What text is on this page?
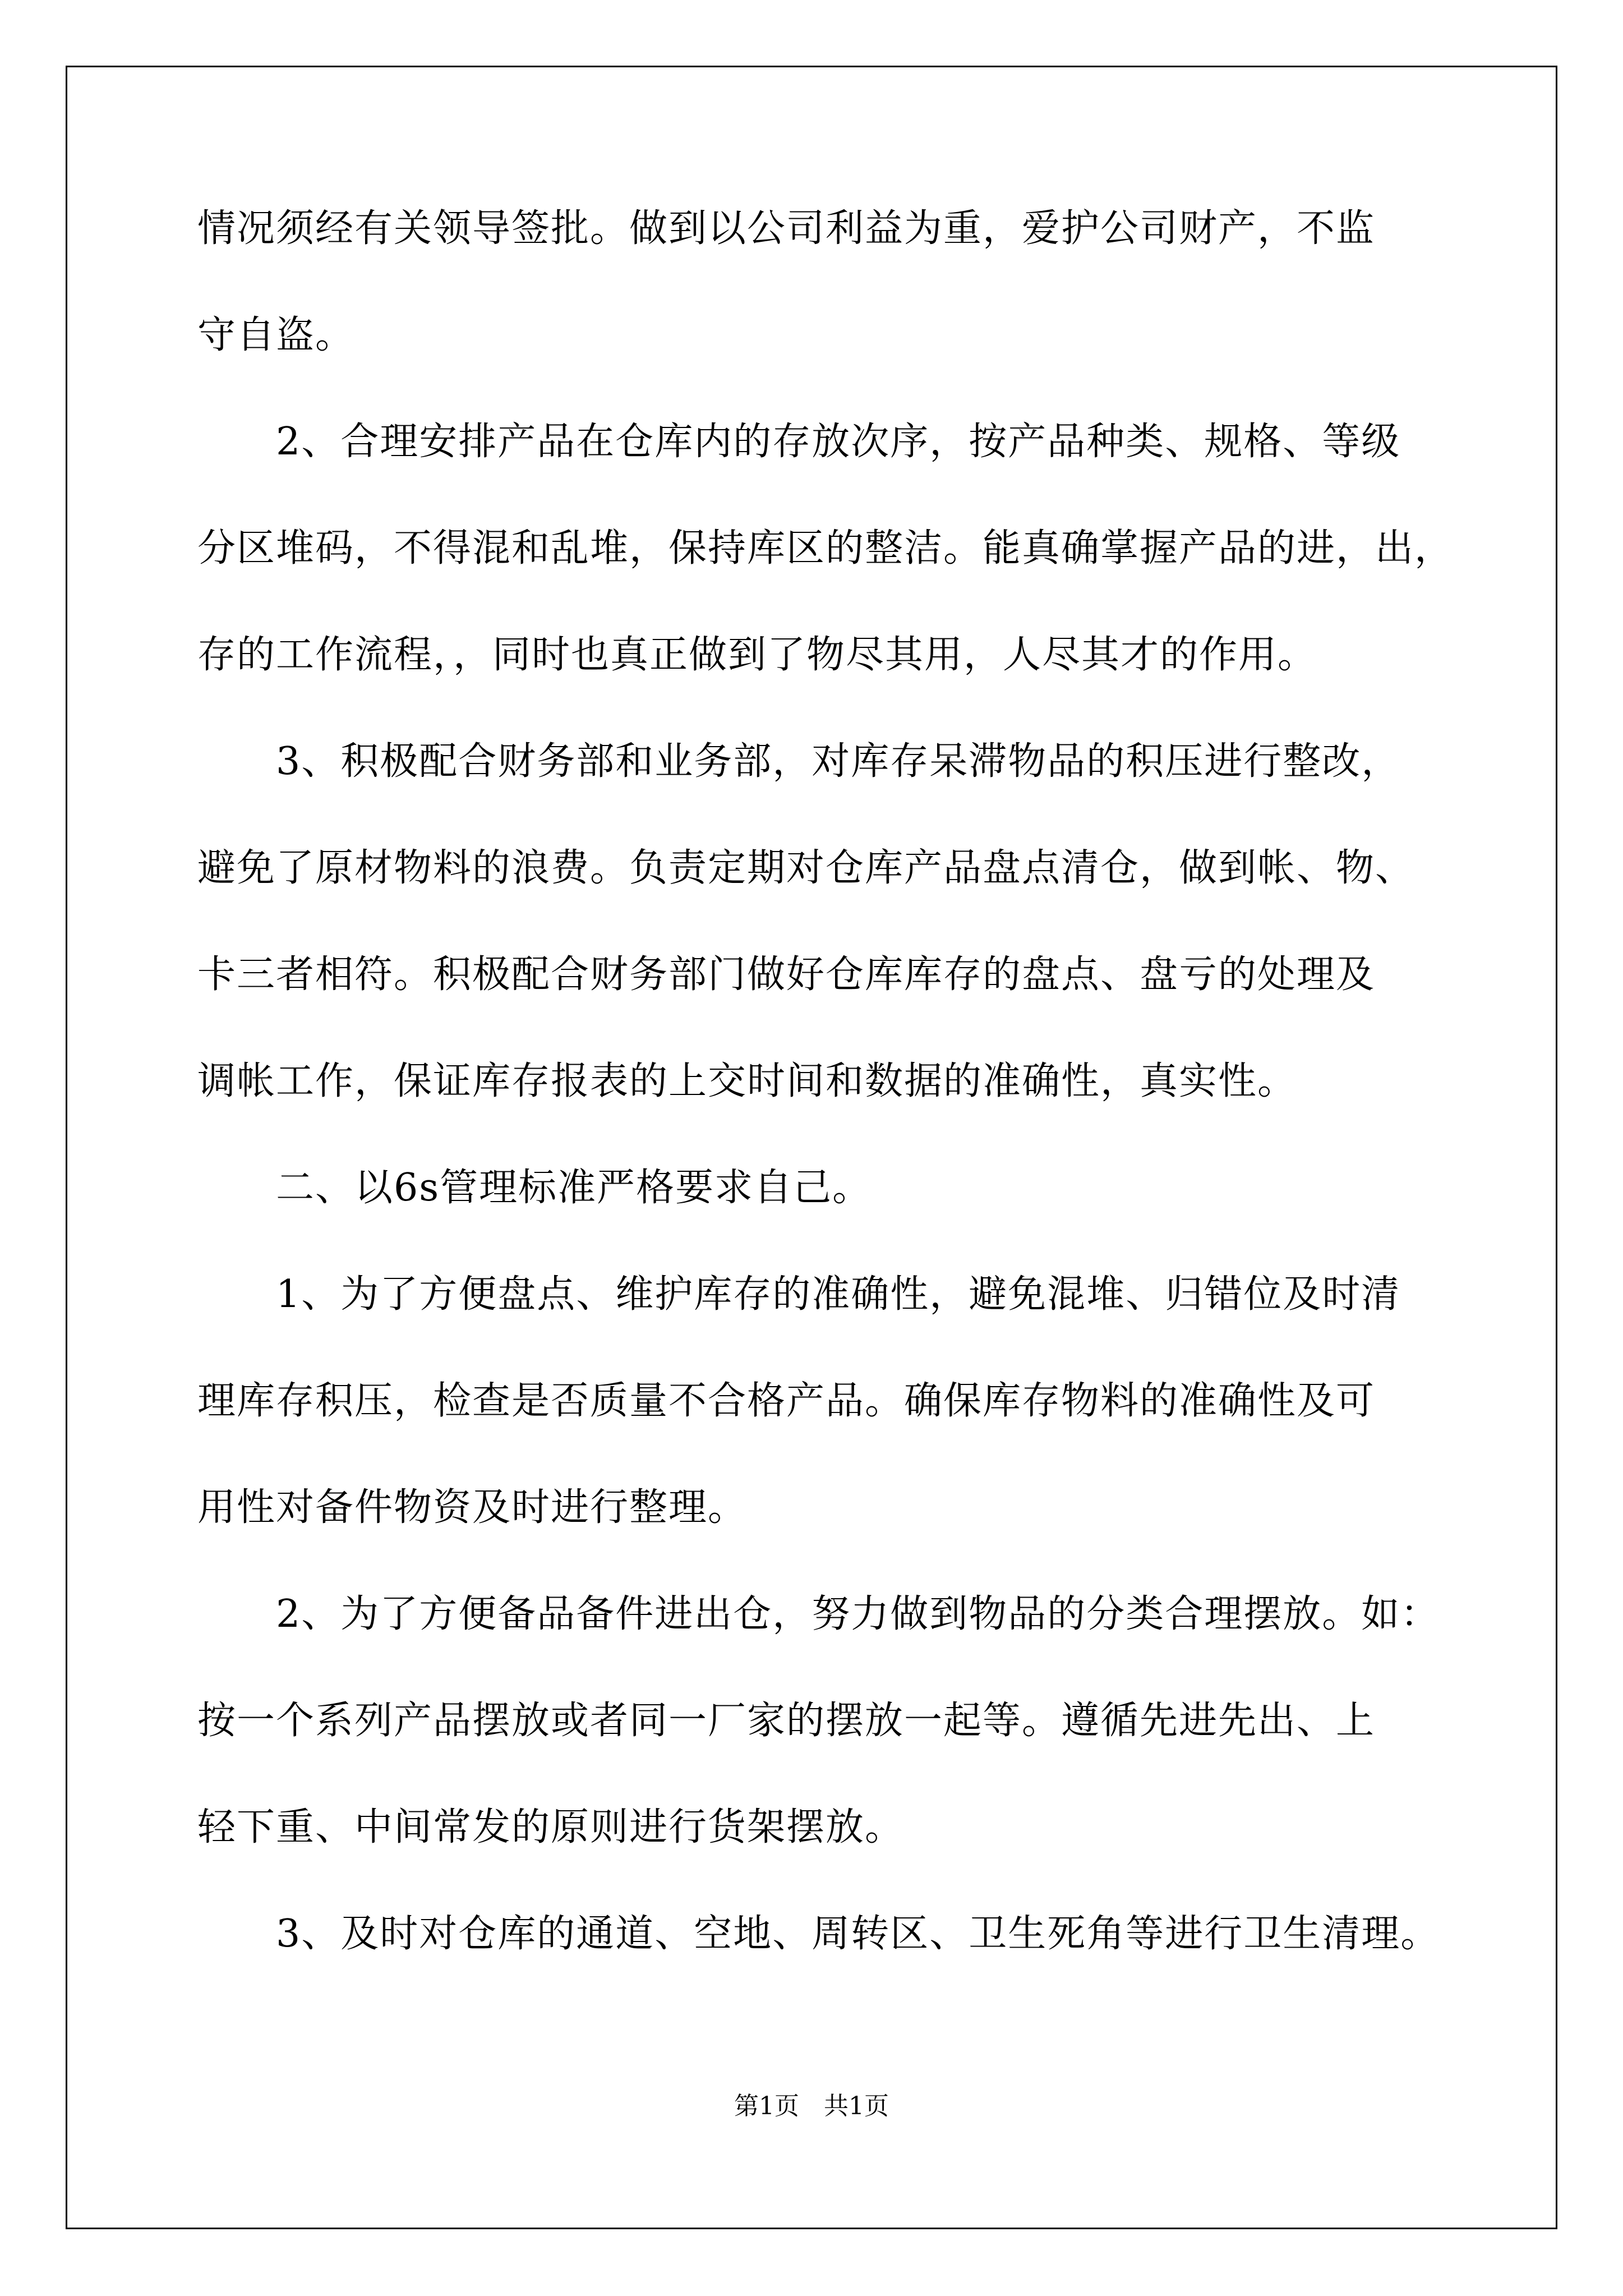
情况须经有关领导签批。做到以公司利益为重，爱护公司财产，不监
守自盗。
2、合理安排产品在仓库内的存放次序，按产品种类、规格、等级
分区堆码，不得混和乱堆，保持库区的整洁。能真确掌握产品的进，出，
存的工作流程，，同时也真正做到了物尽其用，人尽其才的作用。
3、积极配合财务部和业务部，对库存呆滞物品的积压进行整改，
避免了原材物料的浪费。负责定期对仓库产品盘点清仓，做到帐、物、
卡三者相符。积极配合财务部门做好仓库库存的盘点、盘亏的处理及
调帐工作，保证库存报表的上交时间和数据的准确性，真实性。
二、以6s管理标准严格要求自己。
1、为了方便盘点、维护库存的准确性，避免混堆、归错位及时清
理库存积压，检查是否质量不合格产品。确保库存物料的准确性及可
用性对备件物资及时进行整理。
2、为了方便备品备件进出仓，努力做到物品的分类合理摆放。如：
按一个系列产品摆放或者同一厂家的摆放一起等。遵循先进先出、上
轻下重、中间常发的原则进行货架摆放。
3、及时对仓库的通道、空地、周转区、卫生死角等进行卫生清理。
第1页　共1页
